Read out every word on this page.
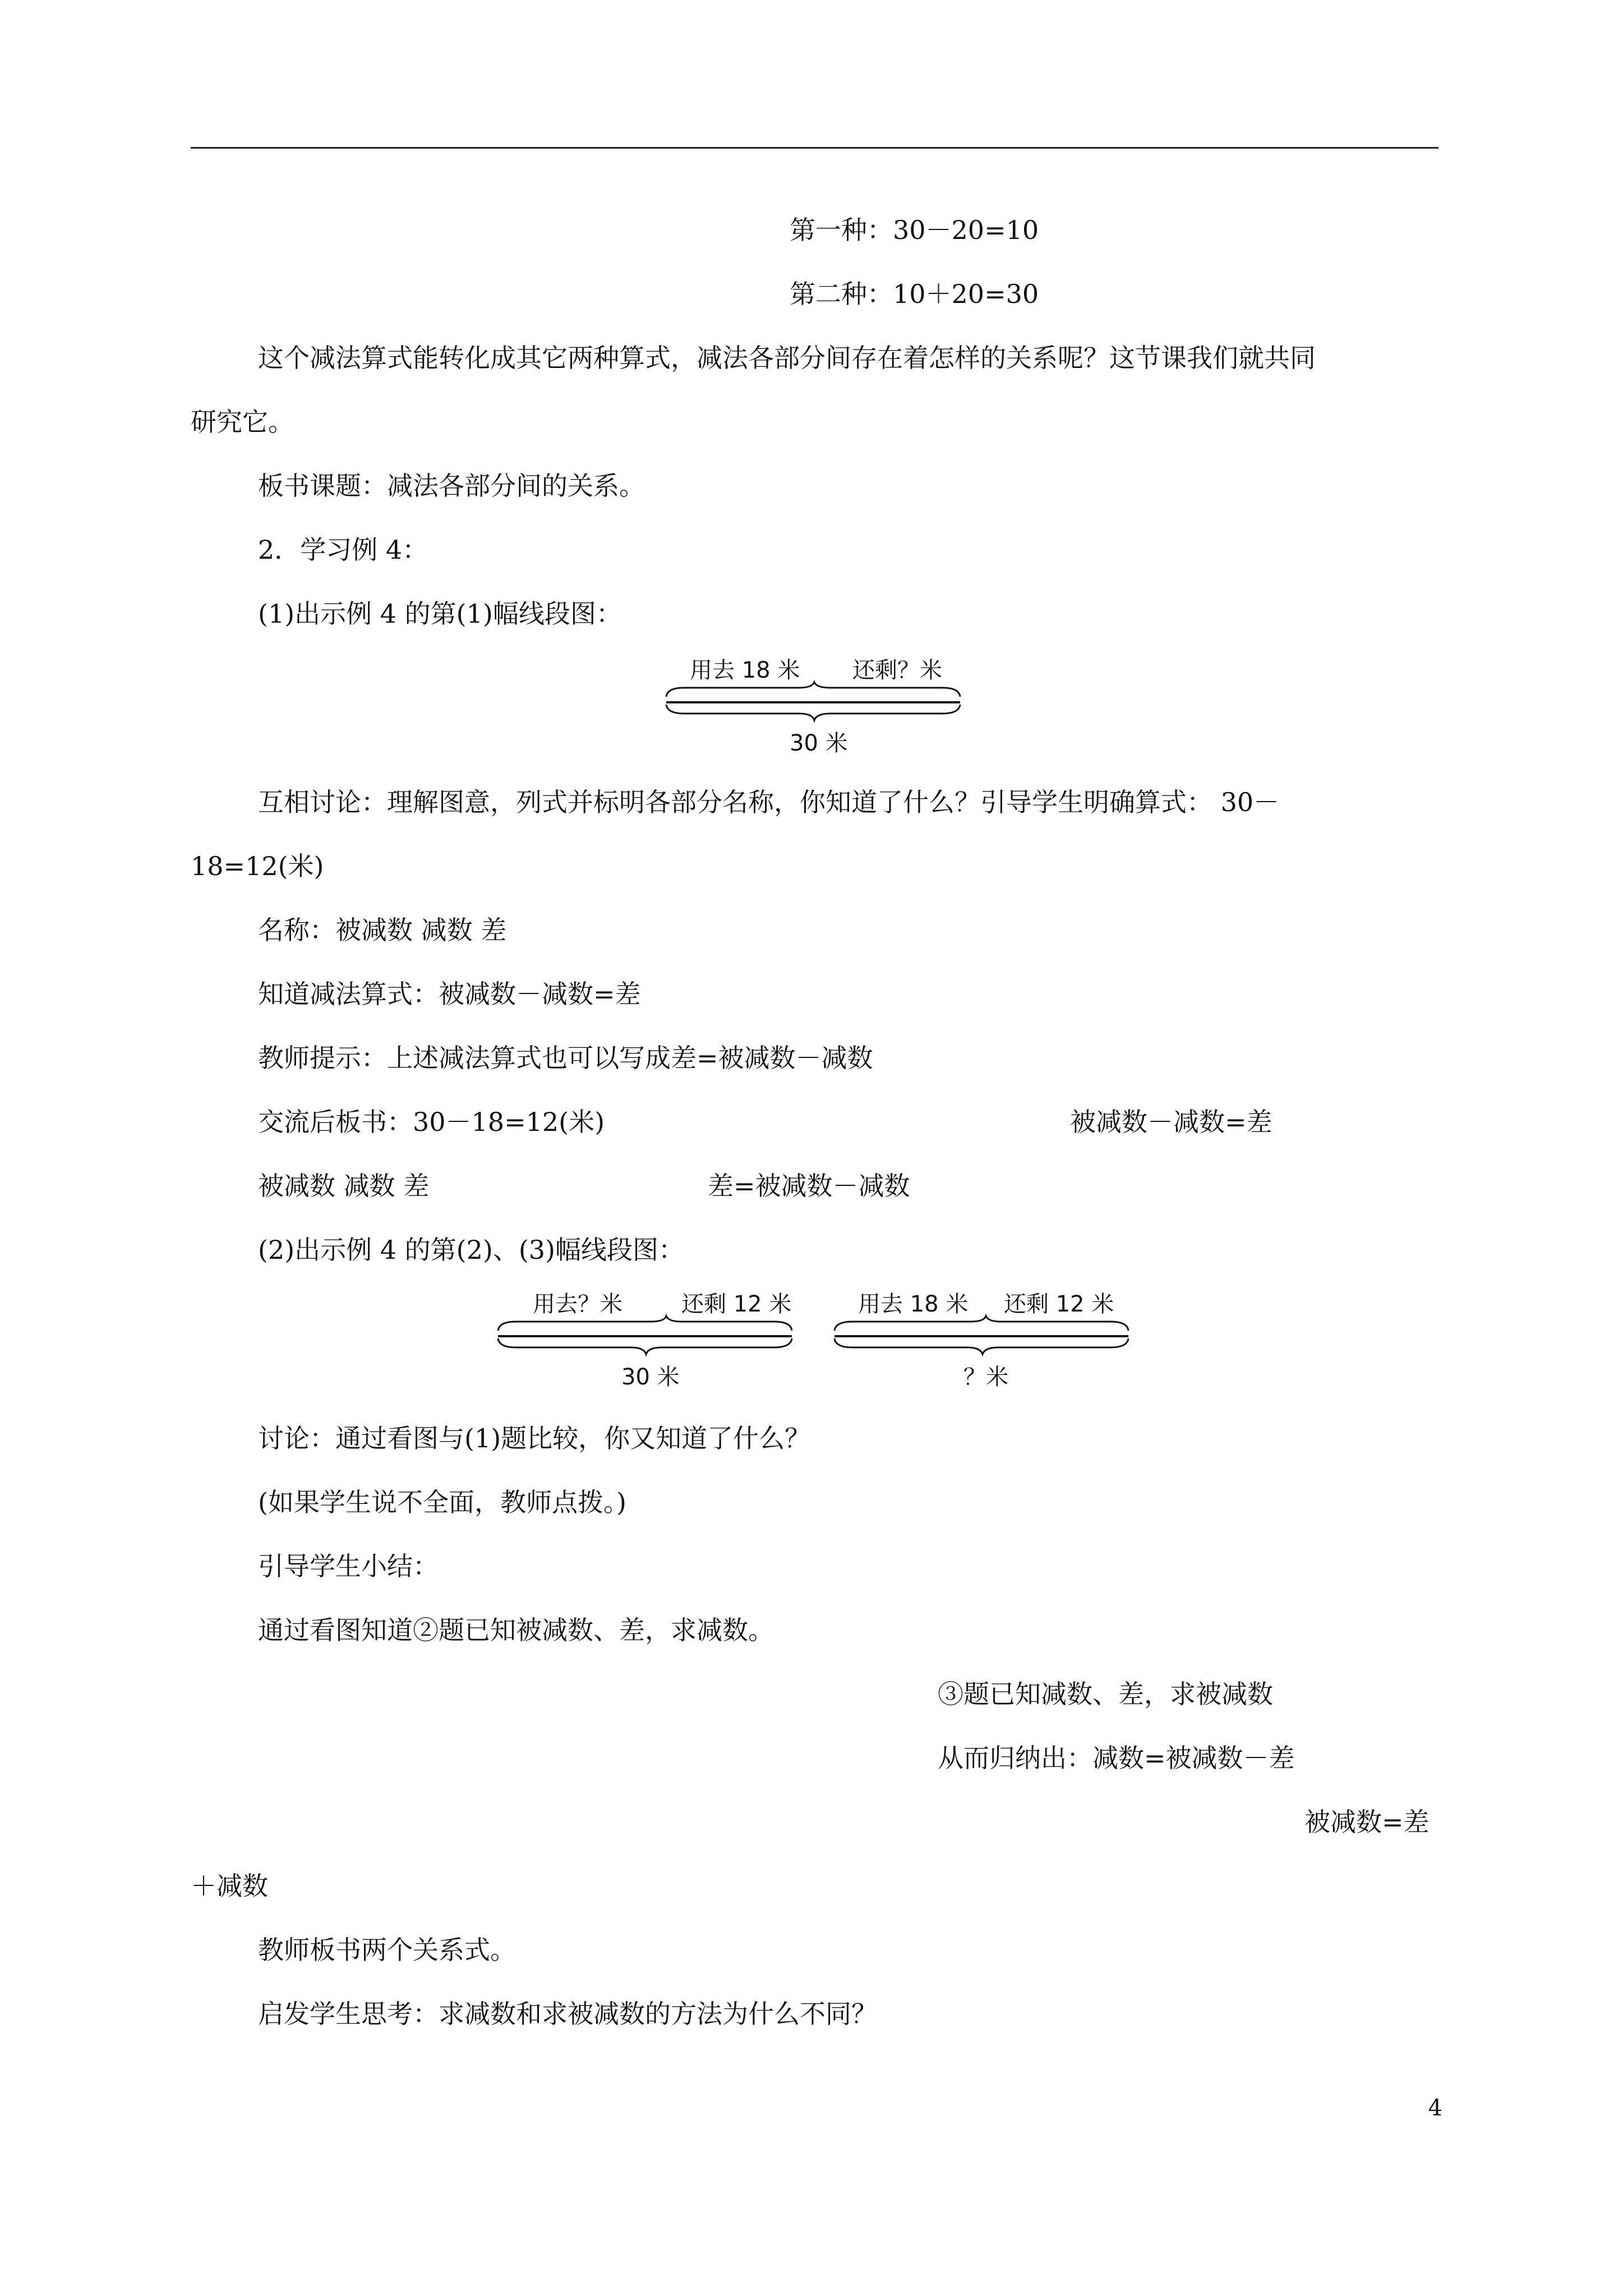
第一种：30－20=10
第二种：10＋20=30
这个减法算式能转化成其它两种算式，减法各部分间存在着怎样的关系呢？这节课我们就共同
研究它。
板书课题：减法各部分间的关系。
2．学习例 4：
(1)出示例 4 的第(1)幅线段图：
用去 18 米 还剩？米
30 米
互相讨论：理解图意，列式并标明各部分名称，你知道了什么？引导学生明确算式： 30－
18=12(米)
名称：被减数 减数 差
知道减法算式：被减数－减数=差
教师提示：上述减法算式也可以写成差=被减数－减数
交流后板书：30－18=12(米)	被减数－减数=差
被减数 减数 差	差=被减数－减数
(2)出示例 4 的第(2)、(3)幅线段图：
用去？米	还剩 12 米
30 米
用去 18 米 还剩 12 米
？米
讨论：通过看图与(1)题比较，你又知道了什么？
(如果学生说不全面，教师点拨。)
引导学生小结：
通过看图知道②题已知被减数、差，求减数。
③题已知减数、差，求被减数
从而归纳出：减数=被减数－差
被减数=差
＋减数
教师板书两个关系式。
启发学生思考：求减数和求被减数的方法为什么不同？
4
